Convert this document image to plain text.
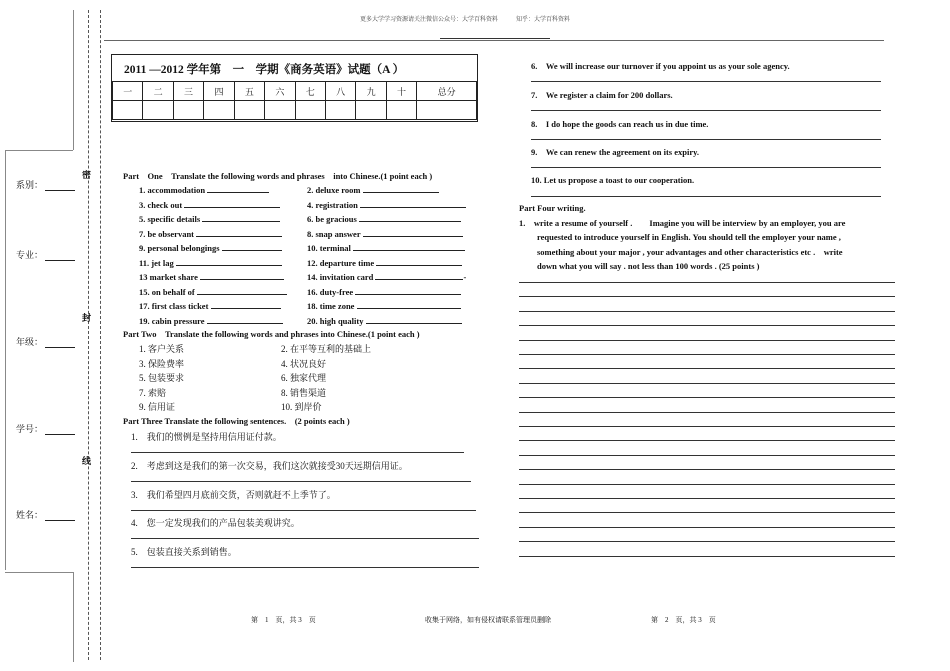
更多大学学习资源请关注微信公众号：大学百科资料　　　知乎：大学百科资料
系别：
专业：
年级：
学号：
姓名：
密
封
线
2011 —2012 学年第　一　学期《商务英语》试题（A ）
一	二	三	四	五	六	七	八	九	十	总分

Part　One　Translate the following words and phrases　into Chinese.(1 point each )
1. accommodation	2. deluxe room
3. check out	4. registration
5. specific details	6. be gracious
7. be observant	8. snap answer
9. personal belongings	10. terminal
11. jet lag	12. departure time
13 market share	14. invitation card	-
15. on behalf of	16. duty-free
17. first class ticket	18. time zone
19. cabin pressure	20. high quality
Part Two　Translate the following words and phrases into Chinese.(1 point each )
1. 客户关系	2. 在平等互利的基础上
3. 保险费率	4. 状况良好
5. 包装要求	6. 独家代理
7. 索赔	8. 销售渠道
9. 信用证	10. 到岸价
Part Three Translate the following sentences.　(2 points each )
1.　我们的惯例是坚持用信用证付款。
2.　考虑到这是我们的第一次交易，我们这次就接受30天远期信用证。
3.　我们希望四月底前交货，否则就赶不上季节了。
4.　您一定发现我们的产品包装美观讲究。
5.　包装直接关系到销售。
6.　We will increase our turnover if you appoint us as your sole agency.
7.　We register a claim for 200 dollars.
8.　I do hope the goods can reach us in due time.
9.　We can renew the agreement on its expiry.
10. Let us propose a toast to our cooperation.
Part Four writing.
1.　write a resume of yourself .　　Imagine you will be interview by an employer, you are
requested to introduce yourself in English. You should tell the employer your name ,
something about your major , your advantages and other characteristics etc .　write
down what you will say . not less than 100 words . (25 points )
第　1　页，共 3　页	收集于网络，如有侵权请联系管理员删除	第　2　页，共 3　页
